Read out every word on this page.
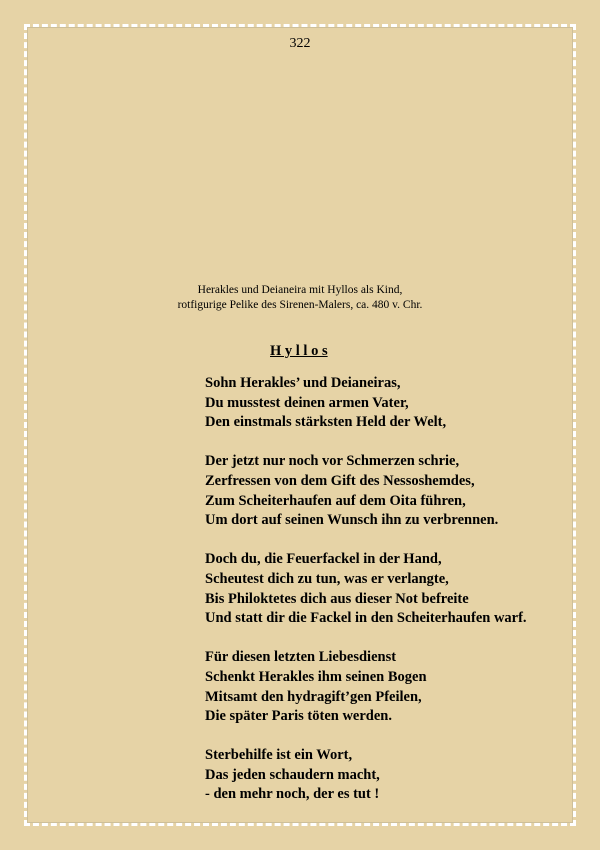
322
Herakles und Deianeira mit Hyllos als Kind,
rotfigurige Pelike des Sirenen-Malers, ca. 480 v. Chr.
H y l l o s
Sohn Herakles’ und Deianeiras,
Du musstest deinen armen Vater,
Den einstmals stärksten Held der Welt,
Der jetzt nur noch vor Schmerzen schrie,
Zerfressen von dem Gift des Nessoshemdes,
Zum Scheiterhaufen auf dem Oita führen,
Um dort auf seinen Wunsch ihn zu verbrennen.
Doch du, die Feuerfackel in der Hand,
Scheutest dich zu tun, was er verlangte,
Bis Philoktetes dich aus dieser Not befreite
Und statt dir die Fackel in den Scheiterhaufen warf.
Für diesen letzten Liebesdienst
Schenkt Herakles ihm seinen Bogen
Mitsamt den hydragift’gen Pfeilen,
Die später Paris töten werden.
Sterbehilfe ist ein Wort,
Das jeden schaudern macht,
- den mehr noch, der es tut !
